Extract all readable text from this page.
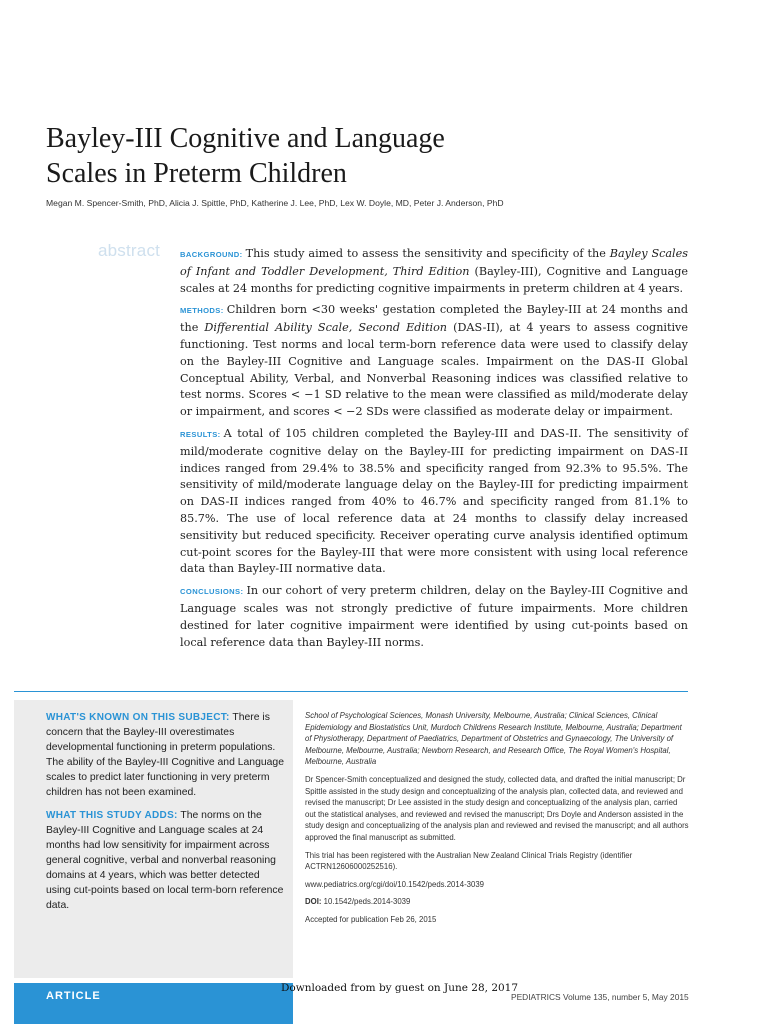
Bayley-III Cognitive and Language
Scales in Preterm Children
Megan M. Spencer-Smith, PhD, Alicia J. Spittle, PhD, Katherine J. Lee, PhD, Lex W. Doyle, MD, Peter J. Anderson, PhD
abstract	BACKGROUND: This study aimed to assess the sensitivity and specificity of the Bayley Scales of Infant and Toddler Development, Third Edition (Bayley-III), Cognitive and Language scales at 24 months for predicting cognitive impairments in preterm children at 4 years.

METHODS: Children born <30 weeks' gestation completed the Bayley-III at 24 months and the Differential Ability Scale, Second Edition (DAS-II), at 4 years to assess cognitive functioning. Test norms and local term-born reference data were used to classify delay on the Bayley-III Cognitive and Language scales. Impairment on the DAS-II Global Conceptual Ability, Verbal, and Nonverbal Reasoning indices was classified relative to test norms. Scores < −1 SD relative to the mean were classified as mild/moderate delay or impairment, and scores < −2 SDs were classified as moderate delay or impairment.

RESULTS: A total of 105 children completed the Bayley-III and DAS-II. The sensitivity of mild/moderate cognitive delay on the Bayley-III for predicting impairment on DAS-II indices ranged from 29.4% to 38.5% and specificity ranged from 92.3% to 95.5%. The sensitivity of mild/moderate language delay on the Bayley-III for predicting impairment on DAS-II indices ranged from 40% to 46.7% and specificity ranged from 81.1% to 85.7%. The use of local reference data at 24 months to classify delay increased sensitivity but reduced specificity. Receiver operating curve analysis identified optimum cut-point scores for the Bayley-III that were more consistent with using local reference data than Bayley-III normative data.

CONCLUSIONS: In our cohort of very preterm children, delay on the Bayley-III Cognitive and Language scales was not strongly predictive of future impairments. More children destined for later cognitive impairment were identified by using cut-points based on local reference data than Bayley-III norms.

WHAT'S KNOWN ON THIS SUBJECT: There is concern that the Bayley-III overestimates developmental functioning in preterm populations. The ability of the Bayley-III Cognitive and Language scales to predict later functioning in very preterm children has not been examined.

WHAT THIS STUDY ADDS: The norms on the Bayley-III Cognitive and Language scales at 24 months had low sensitivity for impairment across general cognitive, verbal and nonverbal reasoning domains at 4 years, which was better detected using cut-points based on local term-born reference data.

School of Psychological Sciences, Monash University, Melbourne, Australia; Clinical Sciences, Clinical Epidemiology and Biostatistics Unit, Murdoch Childrens Research Institute, Melbourne, Australia; Department of Physiotherapy, Department of Paediatrics, Department of Obstetrics and Gynaecology, The University of Melbourne, Melbourne, Australia; Newborn Research, and Research Office, The Royal Women's Hospital, Melbourne, Australia

Dr Spencer-Smith conceptualized and designed the study, collected data, and drafted the initial manuscript; Dr Spittle assisted in the study design and conceptualizing of the analysis plan, collected data, and reviewed and revised the manuscript; Dr Lee assisted in the study design and conceptualizing of the analysis plan, carried out the statistical analyses, and reviewed and revised the manuscript; Drs Doyle and Anderson assisted in the study design and conceptualizing of the analysis plan and reviewed and revised the manuscript; and all authors approved the final manuscript as submitted.

This trial has been registered with the Australian New Zealand Clinical Trials Registry (identifier ACTRN12606000252516).

www.pediatrics.org/cgi/doi/10.1542/peds.2014-3039

DOI: 10.1542/peds.2014-3039

Accepted for publication Feb 26, 2015

ARTICLE
Downloaded from by guest on June 28, 2017
PEDIATRICS Volume 135, number 5, May 2015
